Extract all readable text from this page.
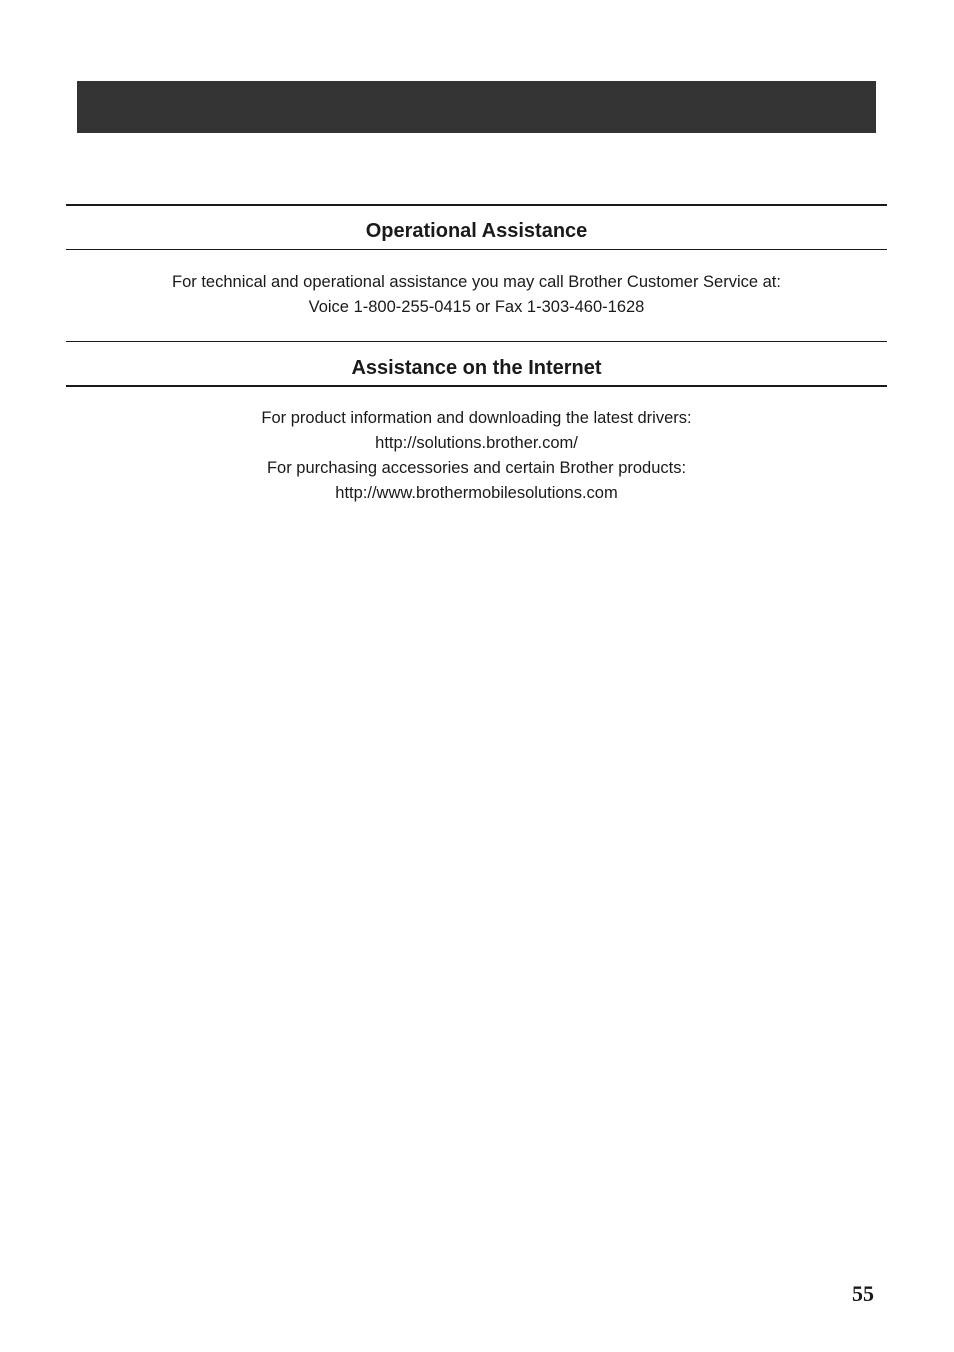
Operational Assistance
For technical and operational assistance you may call Brother Customer Service at:
Voice 1-800-255-0415 or Fax 1-303-460-1628
Assistance on the Internet
For product information and downloading the latest drivers:
http://solutions.brother.com/
For purchasing accessories and certain Brother products:
http://www.brothermobilesolutions.com
55
